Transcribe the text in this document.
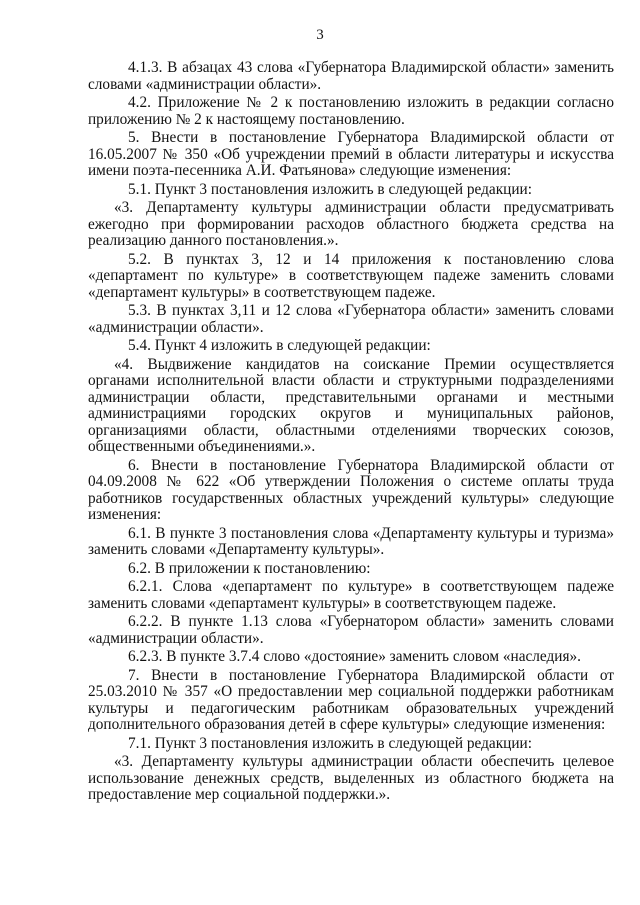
3

4.1.3. В абзацах 43 слова «Губернатора Владимирской области» заменить словами «администрации области».

4.2. Приложение № 2 к постановлению изложить в редакции согласно приложению № 2 к настоящему постановлению.

5. Внести в постановление Губернатора Владимирской области от 16.05.2007 № 350 «Об учреждении премий в области литературы и искусства имени поэта-песенника А.И. Фатьянова» следующие изменения:

5.1. Пункт 3 постановления изложить в следующей редакции:

«3. Департаменту культуры администрации области предусматривать ежегодно при формировании расходов областного бюджета средства на реализацию данного постановления.».

5.2. В пунктах 3, 12 и 14 приложения к постановлению слова «департамент по культуре» в соответствующем падеже заменить словами «департамент культуры» в соответствующем падеже.

5.3. В пунктах 3,11 и 12 слова «Губернатора области» заменить словами «администрации области».

5.4. Пункт 4 изложить в следующей редакции:

«4. Выдвижение кандидатов на соискание Премии осуществляется органами исполнительной власти области и структурными подразделениями администрации области, представительными органами и местными администрациями городских округов и муниципальных районов, организациями области, областными отделениями творческих союзов, общественными объединениями.».

6. Внести в постановление Губернатора Владимирской области от 04.09.2008 № 622 «Об утверждении Положения о системе оплаты труда работников государственных областных учреждений культуры» следующие изменения:

6.1. В пункте 3 постановления слова «Департаменту культуры и туризма» заменить словами «Департаменту культуры».

6.2. В приложении к постановлению:

6.2.1. Слова «департамент по культуре» в соответствующем падеже заменить словами «департамент культуры» в соответствующем падеже.

6.2.2. В пункте 1.13 слова «Губернатором области» заменить словами «администрации области».

6.2.3. В пункте 3.7.4 слово «достояние» заменить словом «наследия».

7. Внести в постановление Губернатора Владимирской области от 25.03.2010 № 357 «О предоставлении мер социальной поддержки работникам культуры и педагогическим работникам образовательных учреждений дополнительного образования детей в сфере культуры» следующие изменения:

7.1. Пункт 3 постановления изложить в следующей редакции:

«3. Департаменту культуры администрации области обеспечить целевое использование денежных средств, выделенных из областного бюджета на предоставление мер социальной поддержки.».
